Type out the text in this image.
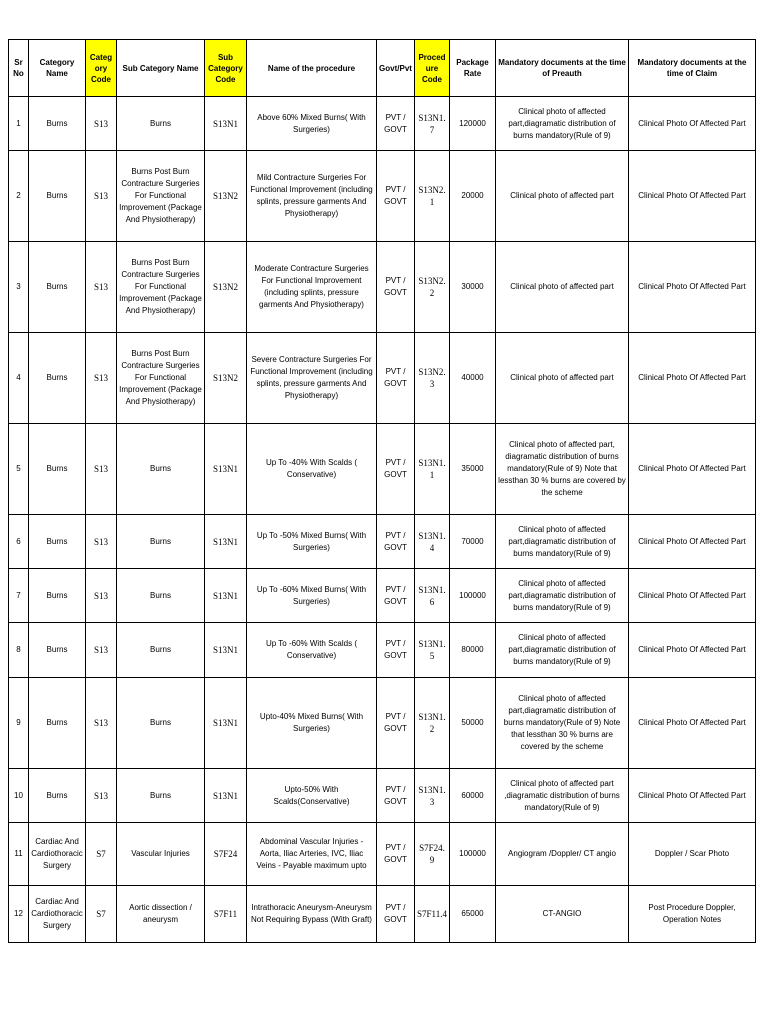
Sr No	Category Name	Category Code	Sub Category Name	Sub Category Code	Name of the procedure	Govt/Pvt	Procedure Code	Package Rate	Mandatory documents at the time of Preauth	Mandatory documents at the time of Claim
1	Burns	S13	Burns	S13N1	Above 60% Mixed Burns( With Surgeries)	PVT / GOVT	S13N1.7	120000	Clinical photo of affected part,diagramatic distribution of burns mandatory(Rule of 9)	Clinical Photo Of Affected Part
2	Burns	S13	Burns Post Burn Contracture Surgeries For Functional Improvement (Package And Physiotherapy)	S13N2	Mild Contracture Surgeries For Functional Improvement (including splints, pressure garments And Physiotherapy)	PVT / GOVT	S13N2.1	20000	Clinical photo of affected part	Clinical Photo Of Affected Part
3	Burns	S13	Burns Post Burn Contracture Surgeries For Functional Improvement (Package And Physiotherapy)	S13N2	Moderate Contracture Surgeries For Functional Improvement (including splints, pressure garments And Physiotherapy)	PVT / GOVT	S13N2.2	30000	Clinical photo of affected part	Clinical Photo Of Affected Part
4	Burns	S13	Burns Post Burn Contracture Surgeries For Functional Improvement (Package And Physiotherapy)	S13N2	Severe Contracture Surgeries For Functional Improvement (including splints, pressure garments And Physiotherapy)	PVT / GOVT	S13N2.3	40000	Clinical photo of affected part	Clinical Photo Of Affected Part
5	Burns	S13	Burns	S13N1	Up To -40% With Scalds ( Conservative)	PVT / GOVT	S13N1.1	35000	Clinical photo of affected part, diagramatic distribution of burns mandatory(Rule of 9) Note that lessthan 30 % burns are covered by the scheme	Clinical Photo Of Affected Part
6	Burns	S13	Burns	S13N1	Up To -50% Mixed Burns( With Surgeries)	PVT / GOVT	S13N1.4	70000	Clinical photo of affected part,diagramatic distribution of burns mandatory(Rule of 9)	Clinical Photo Of Affected Part
7	Burns	S13	Burns	S13N1	Up To -60% Mixed Burns( With Surgeries)	PVT / GOVT	S13N1.6	100000	Clinical photo of affected part,diagramatic distribution of burns mandatory(Rule of 9)	Clinical Photo Of Affected Part
8	Burns	S13	Burns	S13N1	Up To -60% With Scalds ( Conservative)	PVT / GOVT	S13N1.5	80000	Clinical photo of affected part,diagramatic distribution of burns mandatory(Rule of 9)	Clinical Photo Of Affected Part
9	Burns	S13	Burns	S13N1	Upto-40% Mixed Burns( With Surgeries)	PVT / GOVT	S13N1.2	50000	Clinical photo of affected part,diagramatic distribution of burns mandatory(Rule of 9) Note that lessthan 30 % burns are covered by the scheme	Clinical Photo Of Affected Part
10	Burns	S13	Burns	S13N1	Upto-50% With Scalds(Conservative)	PVT / GOVT	S13N1.3	60000	Clinical photo of affected part ,diagramatic distribution of burns mandatory(Rule of 9)	Clinical Photo Of Affected Part
11	Cardiac And Cardiothoracic Surgery	S7	Vascular Injuries	S7F24	Abdominal Vascular Injuries - Aorta, Iliac Arteries, IVC, Iliac Veins - Payable maximum upto	PVT / GOVT	S7F24.9	100000	Angiogram /Doppler/ CT angio	Doppler / Scar Photo
12	Cardiac And Cardiothoracic Surgery	S7	Aortic dissection / aneurysm	S7F11	Intrathoracic Aneurysm-Aneurysm Not Requiring Bypass (With Graft)	PVT / GOVT	S7F11.4	65000	CT-ANGIO	Post Procedure Doppler, Operation Notes
